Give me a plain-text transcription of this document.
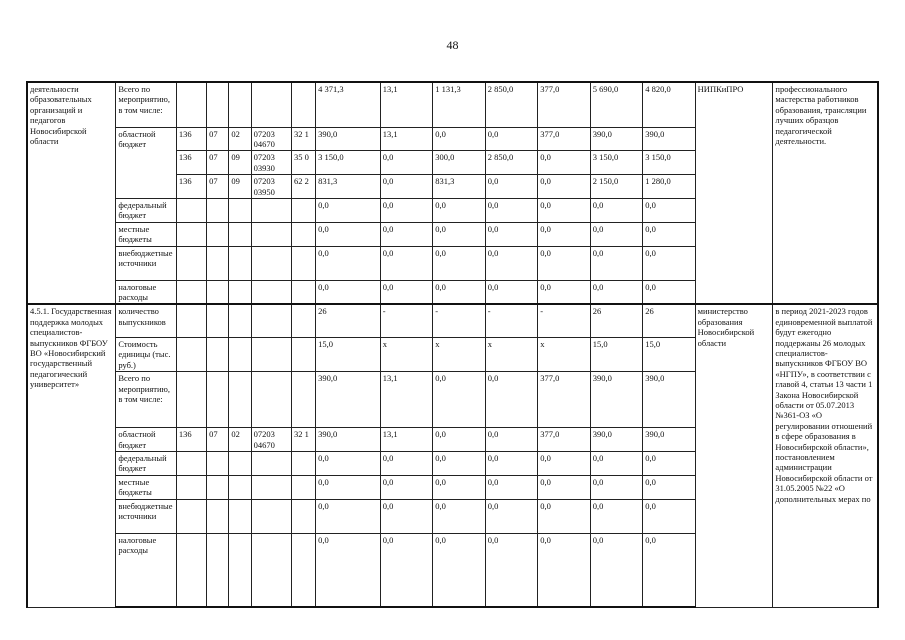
48
деятельности образовательных организаций и педагогов Новосибирской области	Всего по мероприятию, в том числе:						4 371,3	13,1	1 131,3	2 850,0	377,0	5 690,0	4 820,0	НИПКиПРО	профессионального мастерства работников образования, трансляции лучших образцов педагогической деятельности.
	областной бюджет	136	07	02	07203 04670	32 1	390,0	13,1	0,0	0,0	377,0	390,0	390,0		
		136	07	09	07203 03930	35 0	3 150,0	0,0	300,0	2 850,0	0,0	3 150,0	3 150,0		
		136	07	09	07203 03950	62 2	831,3	0,0	831,3	0,0	0,0	2 150,0	1 280,0		
	федеральный бюджет						0,0	0,0	0,0	0,0	0,0	0,0	0,0		
	местные бюджеты						0,0	0,0	0,0	0,0	0,0	0,0	0,0		
	внебюджетные источники						0,0	0,0	0,0	0,0	0,0	0,0	0,0		
	налоговые расходы						0,0	0,0	0,0	0,0	0,0	0,0	0,0		
4.5.1. Государственная поддержка молодых специалистов-выпускников ФГБОУ ВО «Новосибирский государственный педагогический университет»	количество выпускников						26	-	-	-	-	26	26	министерство образования Новосибирской области	в период 2021-2023 годов единовременной выплатой будут ежегодно поддержаны 26 молодых специалистов-выпускников ФГБОУ ВО «НГПУ», в соответствии с главой 4, статьи 13 части 1 Закона Новосибирской области от 05.07.2013 №361-ОЗ «О регулировании отношений в сфере образования в Новосибирской области», постановлением администрации Новосибирской области от 31.05.2005 №22 «О дополнительных мерах по
	Стоимость единицы (тыс. руб.)						15,0	х	х	х	х	15,0	15,0		
	Всего по мероприятию, в том числе:						390,0	13,1	0,0	0,0	377,0	390,0	390,0		
	областной бюджет	136	07	02	07203 04670	32 1	390,0	13,1	0,0	0,0	377,0	390,0	390,0		
	федеральный бюджет						0,0	0,0	0,0	0,0	0,0	0,0	0,0		
	местные бюджеты						0,0	0,0	0,0	0,0	0,0	0,0	0,0		
	внебюджетные источники						0,0	0,0	0,0	0,0	0,0	0,0	0,0		
	налоговые расходы						0,0	0,0	0,0	0,0	0,0	0,0	0,0		
